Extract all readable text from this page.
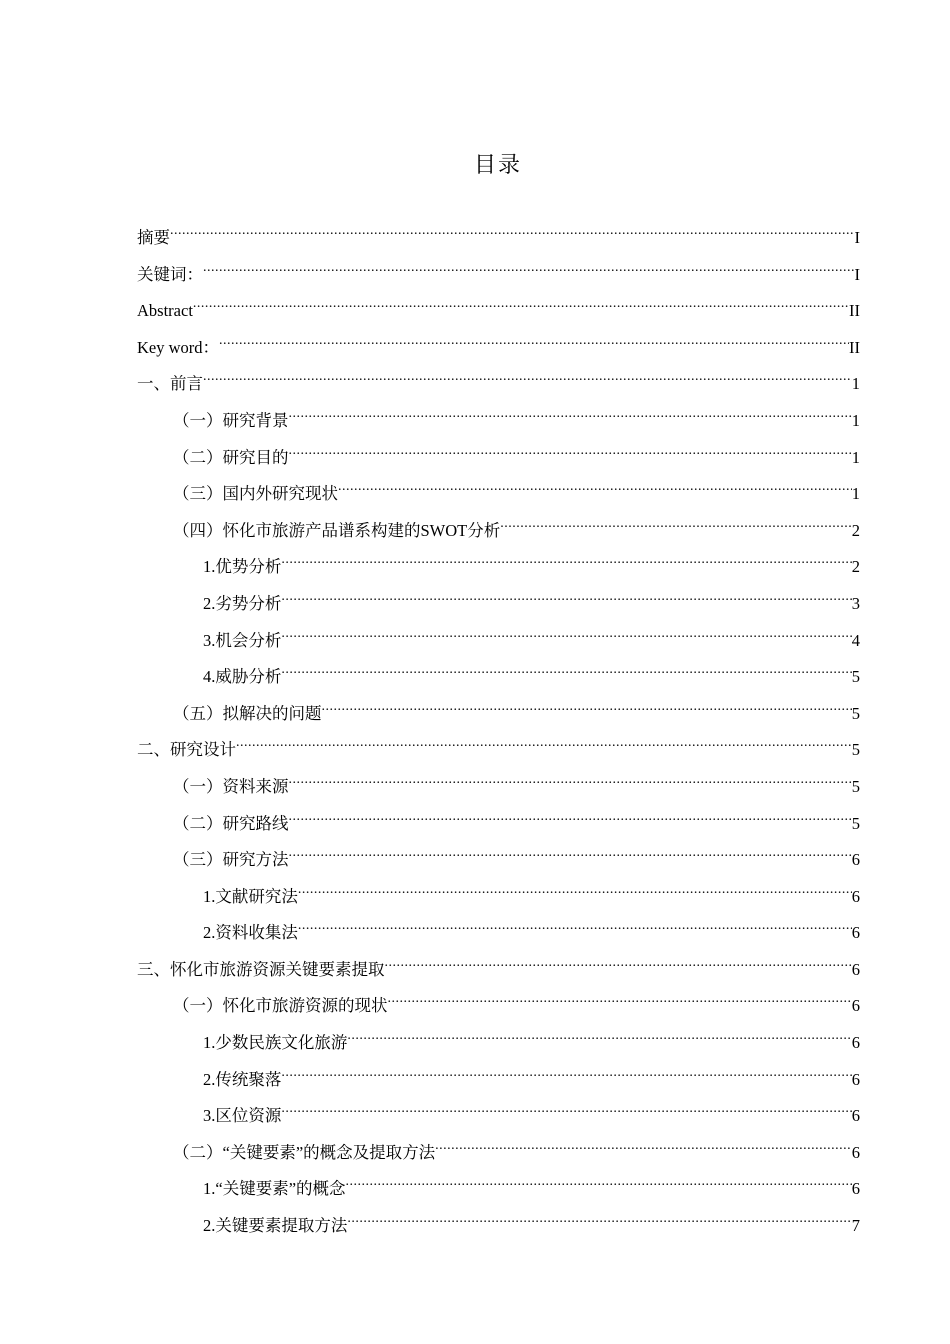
目录
摘要 .....	I
关键词： .....	I
Abstract .....	II
Key word： .....	II
一、前言 .....	1
（一）研究背景 .....	1
（二）研究目的 .....	1
（三）国内外研究现状 .....	1
（四）怀化市旅游产品谱系构建的SWOT分析 .....	2
1.优势分析 .....	2
2.劣势分析 .....	3
3.机会分析 .....	4
4.威胁分析 .....	5
（五）拟解决的问题 .....	5
二、研究设计 .....	5
（一）资料来源 .....	5
（二）研究路线 .....	5
（三）研究方法 .....	6
1.文献研究法 .....	6
2.资料收集法 .....	6
三、怀化市旅游资源关键要素提取 .....	6
（一）怀化市旅游资源的现状 .....	6
1.少数民族文化旅游 .....	6
2.传统聚落 .....	6
3.区位资源 .....	6
（二）“关键要素”的概念及提取方法 .....	6
1.“关键要素”的概念 .....	6
2.关键要素提取方法 .....	7
